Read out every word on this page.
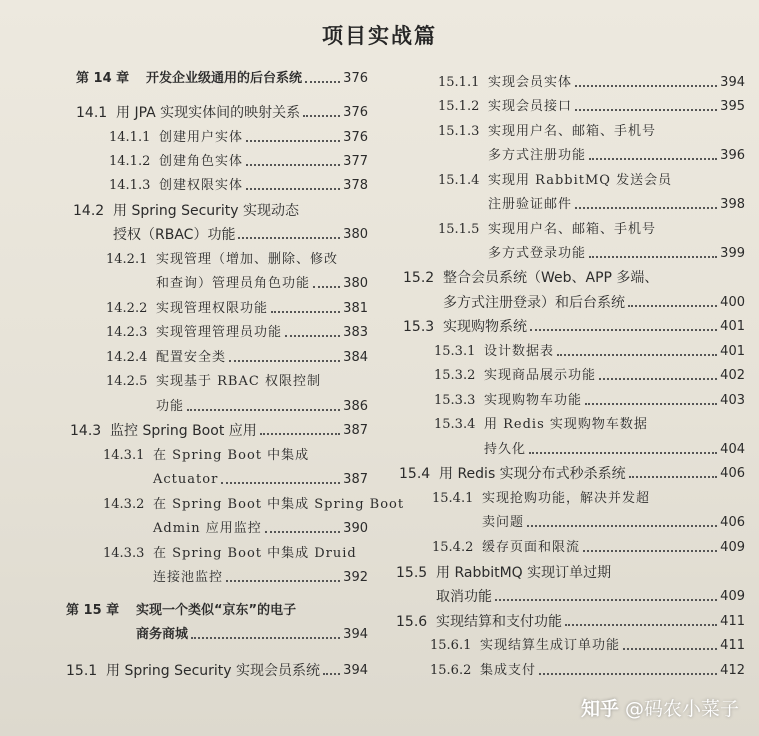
项目实战篇
第 14 章	开发企业级通用的后台系统	376
14.1 用 JPA 实现实体间的映射关系	376
14.1.1 创建用户实体	376
14.1.2 创建角色实体	377
14.1.3 创建权限实体	378
14.2 用 Spring Security 实现动态
授权（RBAC）功能	380
14.2.1 实现管理（增加、删除、修改
和查询）管理员角色功能	380
14.2.2 实现管理权限功能	381
14.2.3 实现管理管理员功能	383
14.2.4 配置安全类	384
14.2.5 实现基于 RBAC 权限控制
功能	386
14.3 监控 Spring Boot 应用	387
14.3.1 在 Spring Boot 中集成
Actuator	387
14.3.2 在 Spring Boot 中集成 Spring Boot
Admin 应用监控	390
14.3.3 在 Spring Boot 中集成 Druid
连接池监控	392
第 15 章	实现一个类似“京东”的电子
商务商城	394
15.1 用 Spring Security 实现会员系统 394
15.1.1 实现会员实体	394
15.1.2 实现会员接口	395
15.1.3 实现用户名、邮箱、手机号
多方式注册功能	396
15.1.4 实现用 RabbitMQ 发送会员
注册验证邮件	398
15.1.5 实现用户名、邮箱、手机号
多方式登录功能	399
15.2 整合会员系统（Web、APP 多端、
多方式注册登录）和后台系统	400
15.3 实现购物系统	401
15.3.1 设计数据表	401
15.3.2 实现商品展示功能	402
15.3.3 实现购物车功能	403
15.3.4 用 Redis 实现购物车数据
持久化	404
15.4 用 Redis 实现分布式秒杀系统	406
15.4.1 实现抢购功能，解决并发超
卖问题	406
15.4.2 缓存页面和限流	409
15.5 用 RabbitMQ 实现订单过期
取消功能	409
15.6 实现结算和支付功能	411
15.6.1 实现结算生成订单功能	411
15.6.2 集成支付	412
知乎 @码农小菜子
